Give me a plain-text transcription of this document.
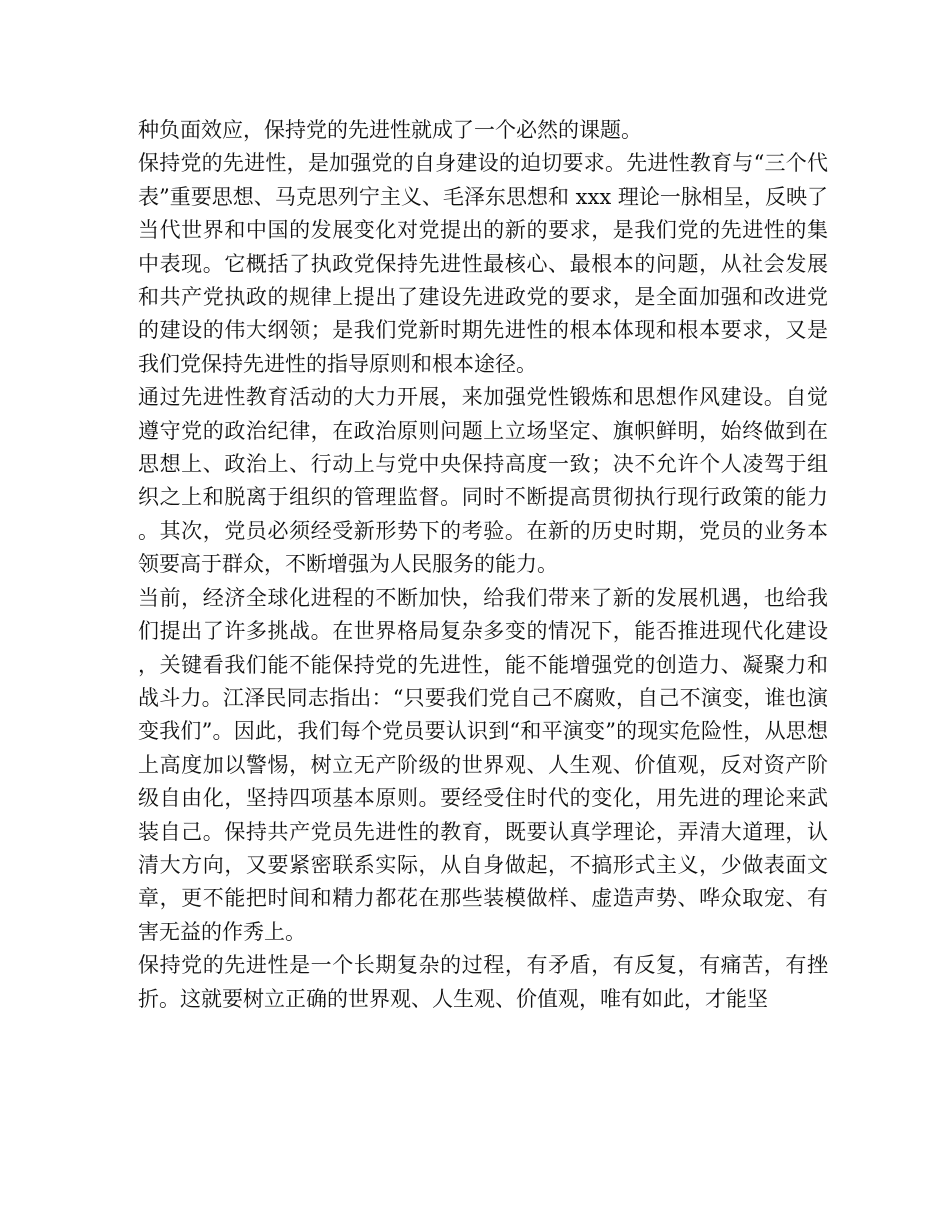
种负面效应，保持党的先进性就成了一个必然的课题。

保持党的先进性，是加强党的自身建设的迫切要求。先进性教育与“三个代表”重要思想、马克思列宁主义、毛泽东思想和 xxx 理论一脉相呈，反映了当代世界和中国的发展变化对党提出的新的要求，是我们党的先进性的集中表现。它概括了执政党保持先进性最核心、最根本的问题，从社会发展和共产党执政的规律上提出了建设先进政党的要求，是全面加强和改进党的建设的伟大纲领；是我们党新时期先进性的根本体现和根本要求，又是我们党保持先进性的指导原则和根本途径。

通过先进性教育活动的大力开展，来加强党性锻炼和思想作风建设。自觉遵守党的政治纪律，在政治原则问题上立场坚定、旗帜鲜明，始终做到在思想上、政治上、行动上与党中央保持高度一致；决不允许个人凌驾于组织之上和脱离于组织的管理监督。同时不断提高贯彻执行现行政策的能力。其次，党员必须经受新形势下的考验。在新的历史时期，党员的业务本领要高于群众，不断增强为人民服务的能力。

当前，经济全球化进程的不断加快，给我们带来了新的发展机遇，也给我们提出了许多挑战。在世界格局复杂多变的情况下，能否推进现代化建设，关键看我们能不能保持党的先进性，能不能增强党的创造力、凝聚力和战斗力。江泽民同志指出：“只要我们党自己不腐败，自己不演变，谁也演变我们”。因此，我们每个党员要认识到“和平演变”的现实危险性，从思想上高度加以警惕，树立无产阶级的世界观、人生观、价值观，反对资产阶级自由化，坚持四项基本原则。要经受住时代的变化，用先进的理论来武装自己。保持共产党员先进性的教育，既要认真学理论，弄清大道理，认清大方向，又要紧密联系实际，从自身做起，不搞形式主义，少做表面文章，更不能把时间和精力都花在那些装模做样、虚造声势、哗众取宠、有害无益的作秀上。

保持党的先进性是一个长期复杂的过程，有矛盾，有反复，有痛苦，有挫折。这就要树立正确的世界观、人生观、价值观，唯有如此，才能坚
